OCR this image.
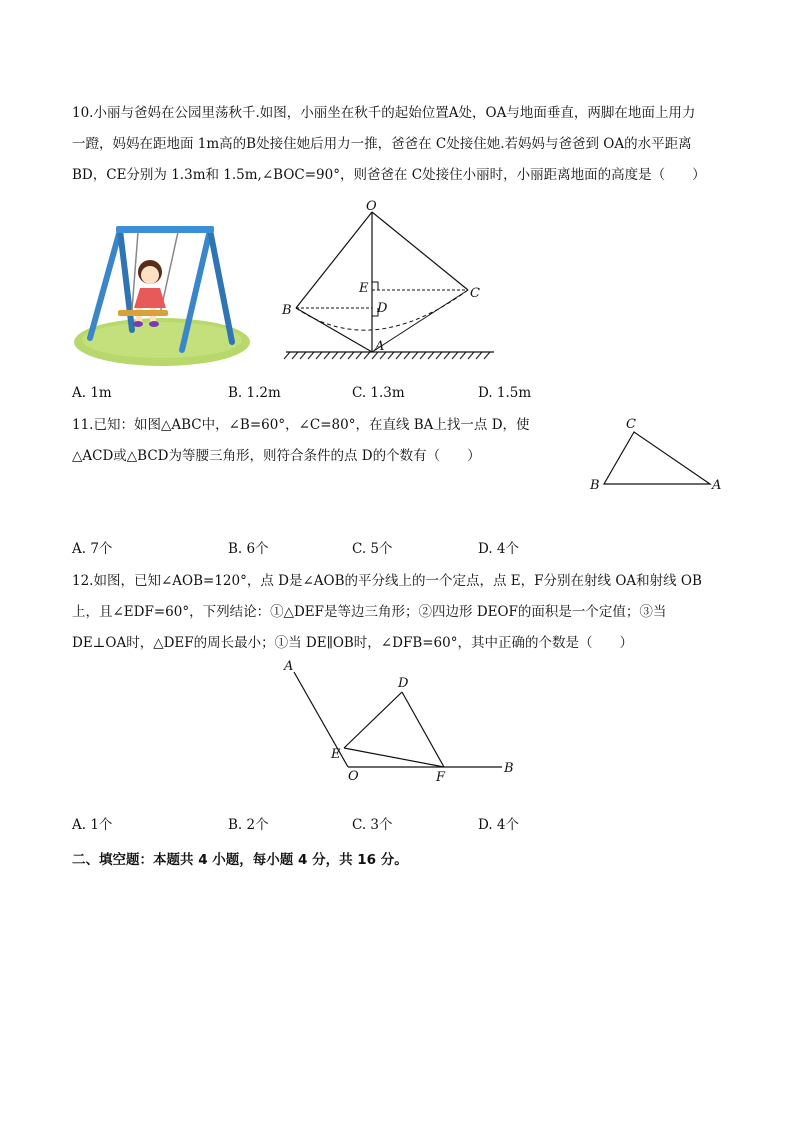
10.小丽与爸妈在公园里荡秋千.如图，小丽坐在秋千的起始位置A处，OA与地面垂直，两脚在地面上用力
一蹬，妈妈在距地面 1m高的B处接住她后用力一推，爸爸在 C处接住她.若妈妈与爸爸到 OA的水平距离
BD，CE分别为 1.3m和 1.5m,∠BOC=90°，则爸爸在 C处接住小丽时，小丽距离地面的高度是（　　）
O
E
D
C
B
A
A. 1m	B. 1.2m	C. 1.3m	D. 1.5m
11.已知：如图△ABC中，∠B=60°，∠C=80°，在直线 BA上找一点 D，使
△ACD或△BCD为等腰三角形，则符合条件的点 D的个数有（　　）
C
B	A
A. 7个	B. 6个	C. 5个	D. 4个
12.如图，已知∠AOB=120°，点 D是∠AOB的平分线上的一个定点，点 E，F分别在射线 OA和射线 OB
上，且∠EDF=60°，下列结论：①△DEF是等边三角形；②四边形 DEOF的面积是一个定值；③当
DE⊥OA时，△DEF的周长最小；①当 DE∥OB时，∠DFB=60°，其中正确的个数是（　　）
A
D
E
O	F
B
A. 1个	B. 2个	C. 3个	D. 4个
二、填空题：本题共 4 小题，每小题 4 分，共 16 分。
